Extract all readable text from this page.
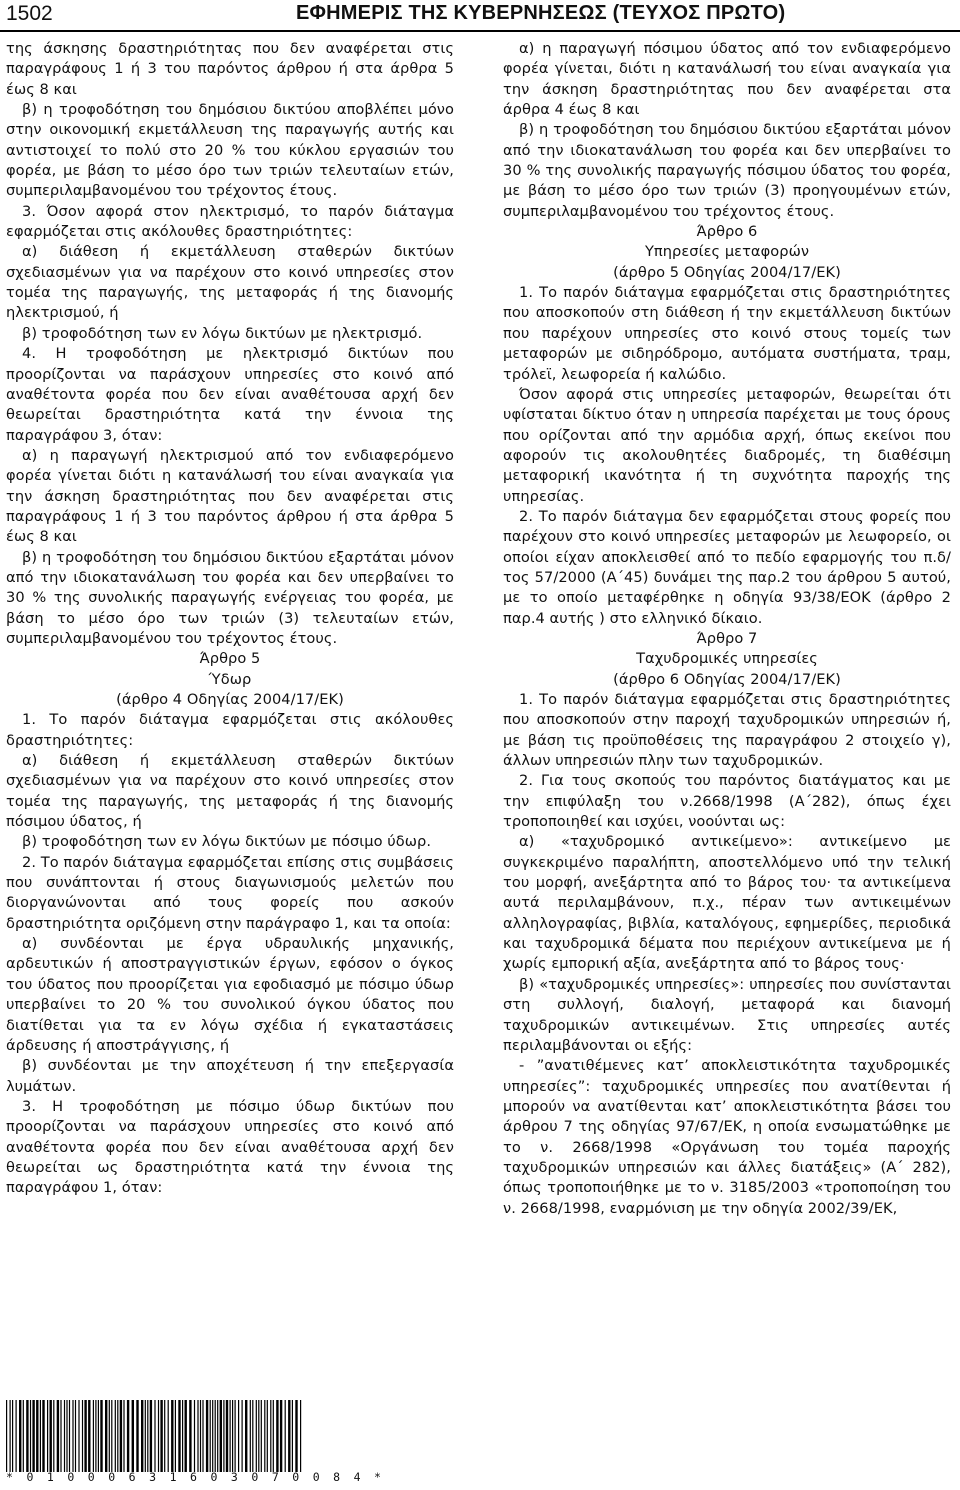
1502	ΕΦΗΜΕΡΙΣ ΤΗΣ ΚΥΒΕΡΝΗΣΕΩΣ (ΤΕΥΧΟΣ ΠΡΩΤΟ)

της άσκησης δραστηριότητας που δεν αναφέρεται στις παραγράφους 1 ή 3 του παρόντος άρθρου ή στα άρθρα 5 έως 8 και

β) η τροφοδότηση του δημόσιου δικτύου αποβλέπει μόνο στην οικονομική εκμετάλλευση της παραγωγής αυτής και αντιστοιχεί το πολύ στο 20 % του κύκλου εργασιών του φορέα, με βάση το μέσο όρο των τριών τελευταίων ετών, συμπεριλαμβανομένου του τρέχοντος έτους.

3. Όσον αφορά στον ηλεκτρισμό, το παρόν διάταγμα εφαρμόζεται στις ακόλουθες δραστηριότητες:

α) διάθεση ή εκμετάλλευση σταθερών δικτύων σχεδιασμένων για να παρέχουν στο κοινό υπηρεσίες στον τομέα της παραγωγής, της μεταφοράς ή της διανομής ηλεκτρισμού, ή

β) τροφοδότηση των εν λόγω δικτύων με ηλεκτρισμό.

4. Η τροφοδότηση με ηλεκτρισμό δικτύων που προορίζονται να παράσχουν υπηρεσίες στο κοινό από αναθέτοντα φορέα που δεν είναι αναθέτουσα αρχή δεν θεωρείται δραστηριότητα κατά την έννοια της παραγράφου 3, όταν:

α) η παραγωγή ηλεκτρισμού από τον ενδιαφερόμενο φορέα γίνεται διότι η κατανάλωσή του είναι αναγκαία για την άσκηση δραστηριότητας που δεν αναφέρεται στις παραγράφους 1 ή 3 του παρόντος άρθρου ή στα άρθρα 5 έως 8 και

β) η τροφοδότηση του δημόσιου δικτύου εξαρτάται μόνον από την ιδιοκατανάλωση του φορέα και δεν υπερβαίνει το 30 % της συνολικής παραγωγής ενέργειας του φορέα, με βάση το μέσο όρο των τριών (3) τελευταίων ετών, συμπεριλαμβανομένου του τρέχοντος έτους.

Άρθρο 5

Ύδωρ

(άρθρο 4 Οδηγίας 2004/17/ΕΚ)

1. Το παρόν διάταγμα εφαρμόζεται στις ακόλουθες δραστηριότητες:

α) διάθεση ή εκμετάλλευση σταθερών δικτύων σχεδιασμένων για να παρέχουν στο κοινό υπηρεσίες στον τομέα της παραγωγής, της μεταφοράς ή της διανομής πόσιμου ύδατος, ή

β) τροφοδότηση των εν λόγω δικτύων με πόσιμο ύδωρ.

2. Το παρόν διάταγμα εφαρμόζεται επίσης στις συμβάσεις που συνάπτονται ή στους διαγωνισμούς μελετών που διοργανώνονται από τους φορείς που ασκούν δραστηριότητα οριζόμενη στην παράγραφο 1, και τα οποία:

α) συνδέονται με έργα υδραυλικής μηχανικής, αρδευτικών ή αποστραγγιστικών έργων, εφόσον ο όγκος του ύδατος που προορίζεται για εφοδιασμό με πόσιμο ύδωρ υπερβαίνει το 20 % του συνολικού όγκου ύδατος που διατίθεται για τα εν λόγω σχέδια ή εγκαταστάσεις άρδευσης ή αποστράγγισης, ή

β) συνδέονται με την αποχέτευση ή την επεξεργασία λυμάτων.

3. Η τροφοδότηση με πόσιμο ύδωρ δικτύων που προορίζονται να παράσχουν υπηρεσίες στο κοινό από αναθέτοντα φορέα που δεν είναι αναθέτουσα αρχή δεν θεωρείται ως δραστηριότητα κατά την έννοια της παραγράφου 1, όταν:

α) η παραγωγή πόσιμου ύδατος από τον ενδιαφερόμενο φορέα γίνεται, διότι η κατανάλωσή του είναι αναγκαία για την άσκηση δραστηριότητας που δεν αναφέρεται στα άρθρα 4 έως 8 και

β) η τροφοδότηση του δημόσιου δικτύου εξαρτάται μόνον από την ιδιοκατανάλωση του φορέα και δεν υπερβαίνει το 30 % της συνολικής παραγωγής πόσιμου ύδατος του φορέα, με βάση το μέσο όρο των τριών (3) προηγουμένων ετών, συμπεριλαμβανομένου του τρέχοντος έτους.

Άρθρο 6

Υπηρεσίες μεταφορών

(άρθρο 5 Οδηγίας 2004/17/ΕΚ)

1. Το παρόν διάταγμα εφαρμόζεται στις δραστηριότητες που αποσκοπούν στη διάθεση ή την εκμετάλλευση δικτύων που παρέχουν υπηρεσίες στο κοινό στους τομείς των μεταφορών με σιδηρόδρομο, αυτόματα συστήματα, τραμ, τρόλεϊ, λεωφορεία ή καλώδιο.

Όσον αφορά στις υπηρεσίες μεταφορών, θεωρείται ότι υφίσταται δίκτυο όταν η υπηρεσία παρέχεται με τους όρους που ορίζονται από την αρμόδια αρχή, όπως εκείνοι που αφορούν τις ακολουθητέες διαδρομές, τη διαθέσιμη μεταφορική ικανότητα ή τη συχνότητα παροχής της υπηρεσίας.

2. Το παρόν διάταγμα δεν εφαρμόζεται στους φορείς που παρέχουν στο κοινό υπηρεσίες μεταφορών με λεωφορείο, οι οποίοι είχαν αποκλεισθεί από το πεδίο εφαρμογής του π.δ/τος 57/2000 (Α΄45) δυνάμει της παρ.2 του άρθρου 5 αυτού, με το οποίο μεταφέρθηκε η οδηγία 93/38/ΕΟΚ (άρθρο 2 παρ.4 αυτής ) στο ελληνικό δίκαιο.

Άρθρο 7

Ταχυδρομικές υπηρεσίες

(άρθρο 6 Οδηγίας 2004/17/ΕΚ)

1. Το παρόν διάταγμα εφαρμόζεται στις δραστηριότητες που αποσκοπούν στην παροχή ταχυδρομικών υπηρεσιών ή, με βάση τις προϋποθέσεις της παραγράφου 2 στοιχείο γ), άλλων υπηρεσιών πλην των ταχυδρομικών.

2. Για τους σκοπούς του παρόντος διατάγματος και με την επιφύλαξη του ν.2668/1998 (Α΄282), όπως έχει τροποποιηθεί και ισχύει, νοούνται ως:

α) «ταχυδρομικό αντικείμενο»: αντικείμενο με συγκεκριμένο παραλήπτη, αποστελλόμενο υπό την τελική του μορφή, ανεξάρτητα από το βάρος του· τα αντικείμενα αυτά περιλαμβάνουν, π.χ., πέραν των αντικειμένων αλληλογραφίας, βιβλία, καταλόγους, εφημερίδες, περιοδικά και ταχυδρομικά δέματα που περιέχουν αντικείμενα με ή χωρίς εμπορική αξία, ανεξάρτητα από το βάρος τους·

β) «ταχυδρομικές υπηρεσίες»: υπηρεσίες που συνίστανται στη συλλογή, διαλογή, μεταφορά και διανομή ταχυδρομικών αντικειμένων. Στις υπηρεσίες αυτές περιλαμβάνονται οι εξής:

- ”ανατιθέμενες κατ’ αποκλειστικότητα ταχυδρομικές υπηρεσίες”: ταχυδρομικές υπηρεσίες που ανατίθενται ή μπορούν να ανατίθενται κατ’ αποκλειστικότητα βάσει του άρθρου 7 της οδηγίας 97/67/ΕΚ, η οποία ενσωματώθηκε με το ν. 2668/1998 «Οργάνωση του τομέα παροχής ταχυδρομικών υπηρεσιών και άλλες διατάξεις» (Α΄ 282), όπως τροποποιήθηκε με το ν. 3185/2003 «τροποποίηση του ν. 2668/1998, εναρμόνιση με την οδηγία 2002/39/ΕΚ,

* 0 1 0 0 0 6 3 1 6 0 3 0 7 0 0 8 4 *
